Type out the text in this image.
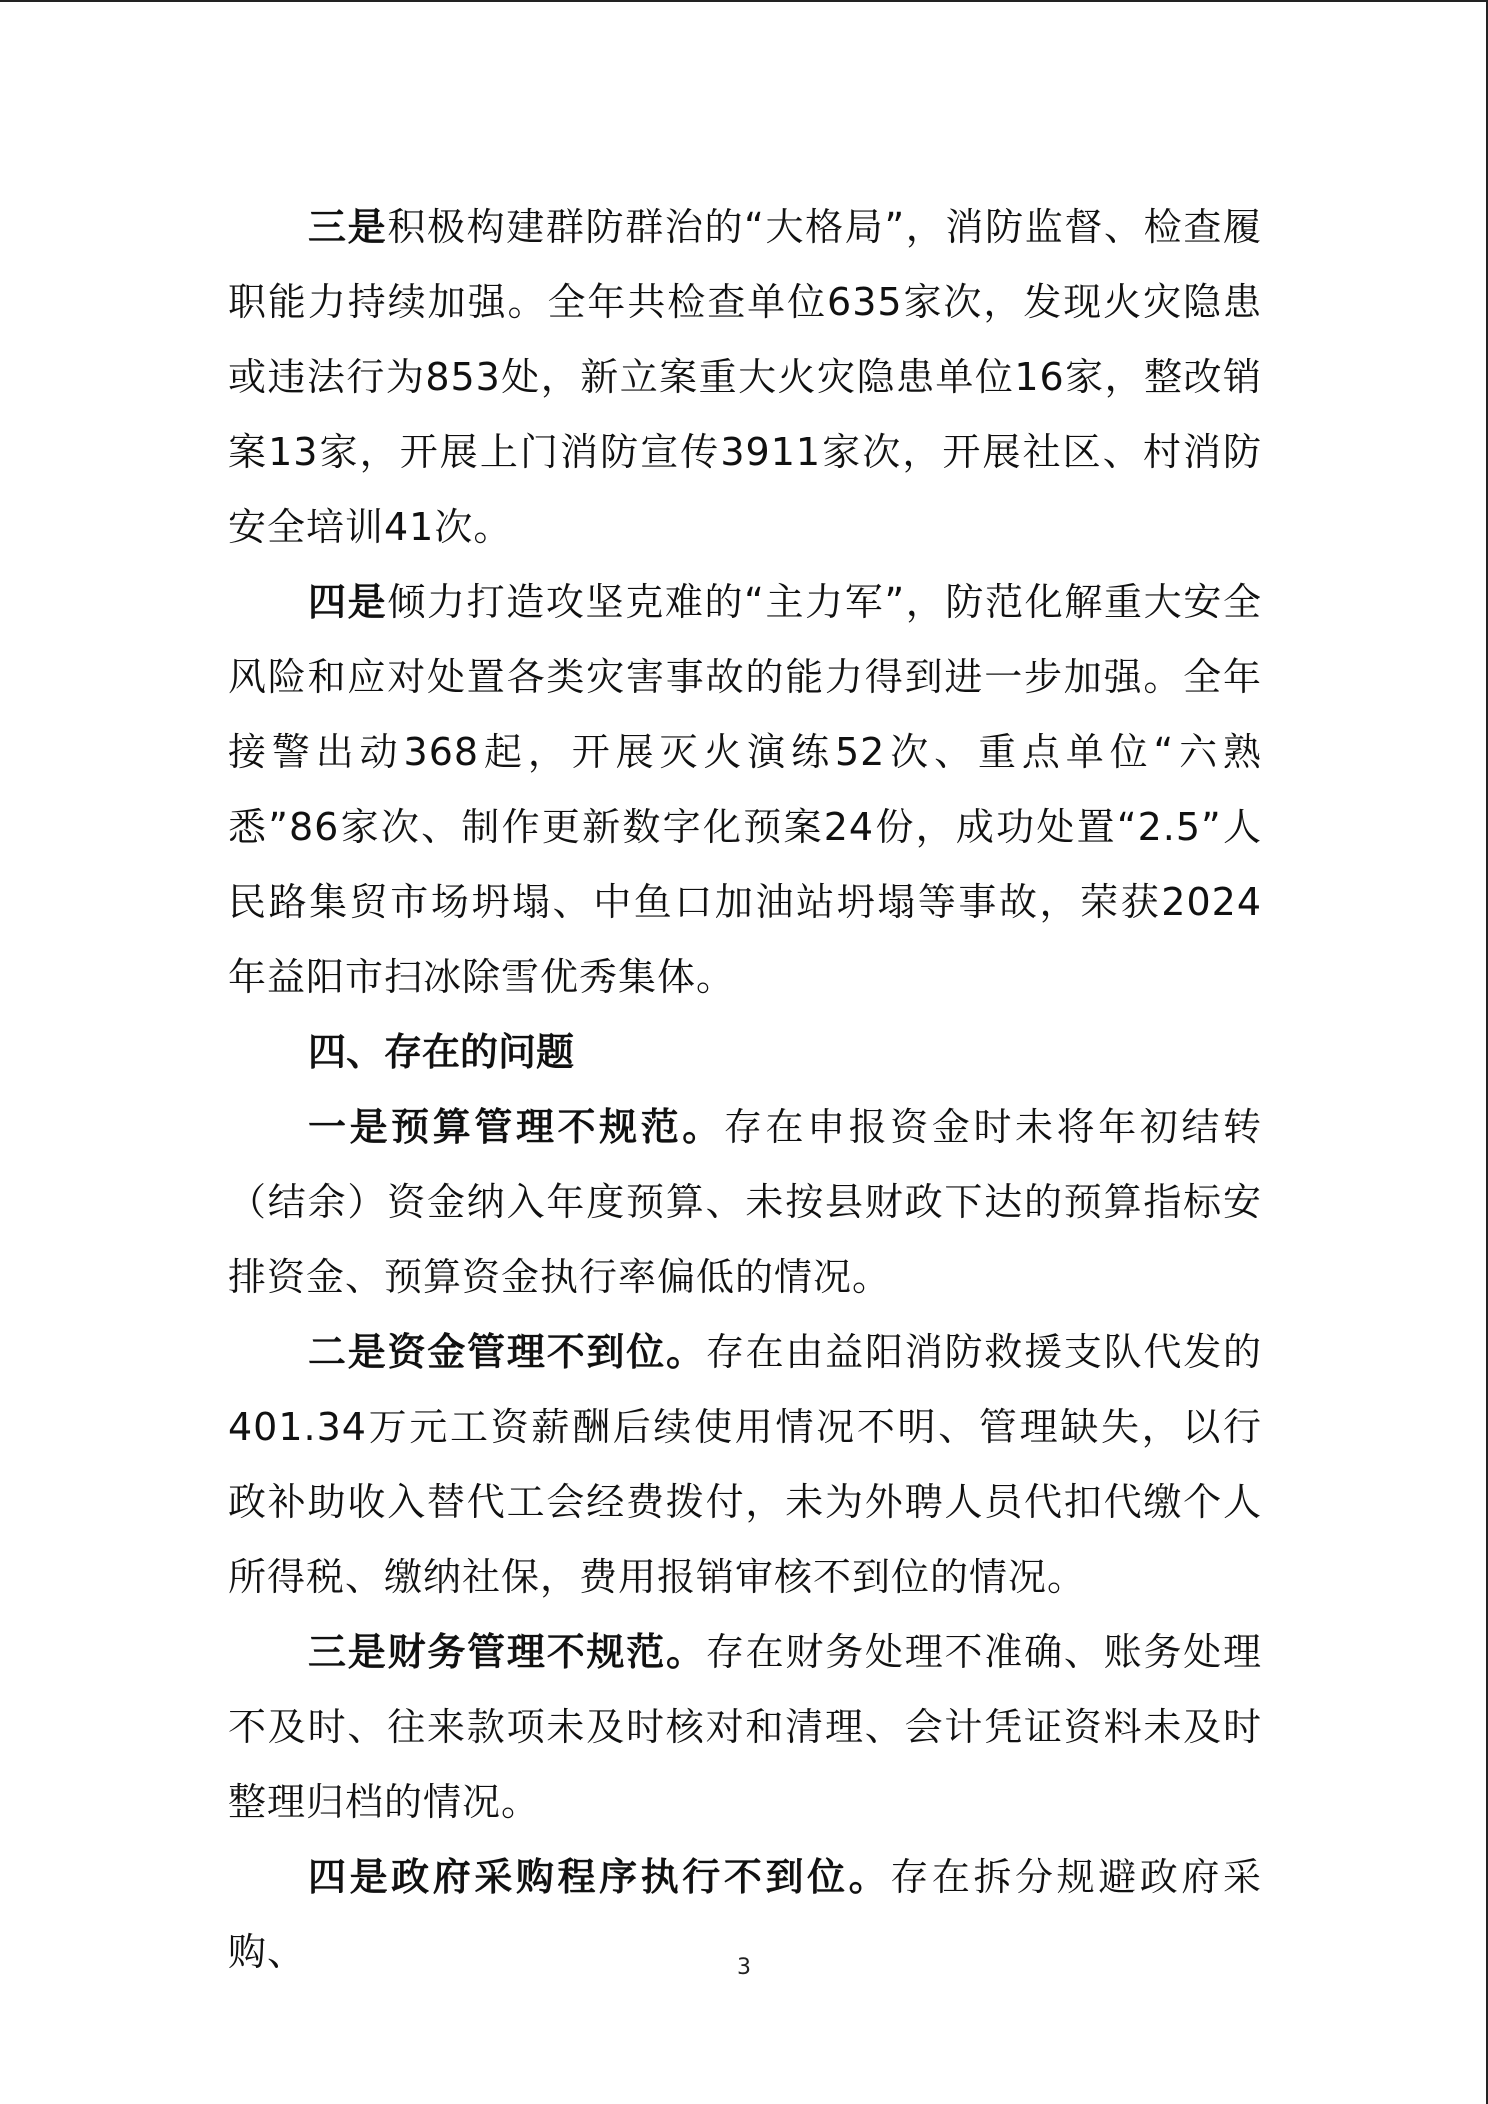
三是积极构建群防群治的“大格局”，消防监督、检查履职能力持续加强。全年共检查单位635家次，发现火灾隐患或违法行为853处，新立案重大火灾隐患单位16家，整改销案13家，开展上门消防宣传3911家次，开展社区、村消防安全培训41次。

四是倾力打造攻坚克难的“主力军”，防范化解重大安全风险和应对处置各类灾害事故的能力得到进一步加强。全年接警出动368起，开展灭火演练52次、重点单位“六熟悉”86家次、制作更新数字化预案24份，成功处置“2.5”人民路集贸市场坍塌、中鱼口加油站坍塌等事故，荣获2024年益阳市扫冰除雪优秀集体。

四、存在的问题

一是预算管理不规范。存在申报资金时未将年初结转（结余）资金纳入年度预算、未按县财政下达的预算指标安排资金、预算资金执行率偏低的情况。

二是资金管理不到位。存在由益阳消防救援支队代发的401.34万元工资薪酬后续使用情况不明、管理缺失，以行政补助收入替代工会经费拨付，未为外聘人员代扣代缴个人所得税、缴纳社保，费用报销审核不到位的情况。

三是财务管理不规范。存在财务处理不准确、账务处理不及时、往来款项未及时核对和清理、会计凭证资料未及时整理归档的情况。

四是政府采购程序执行不到位。存在拆分规避政府采购、	3
